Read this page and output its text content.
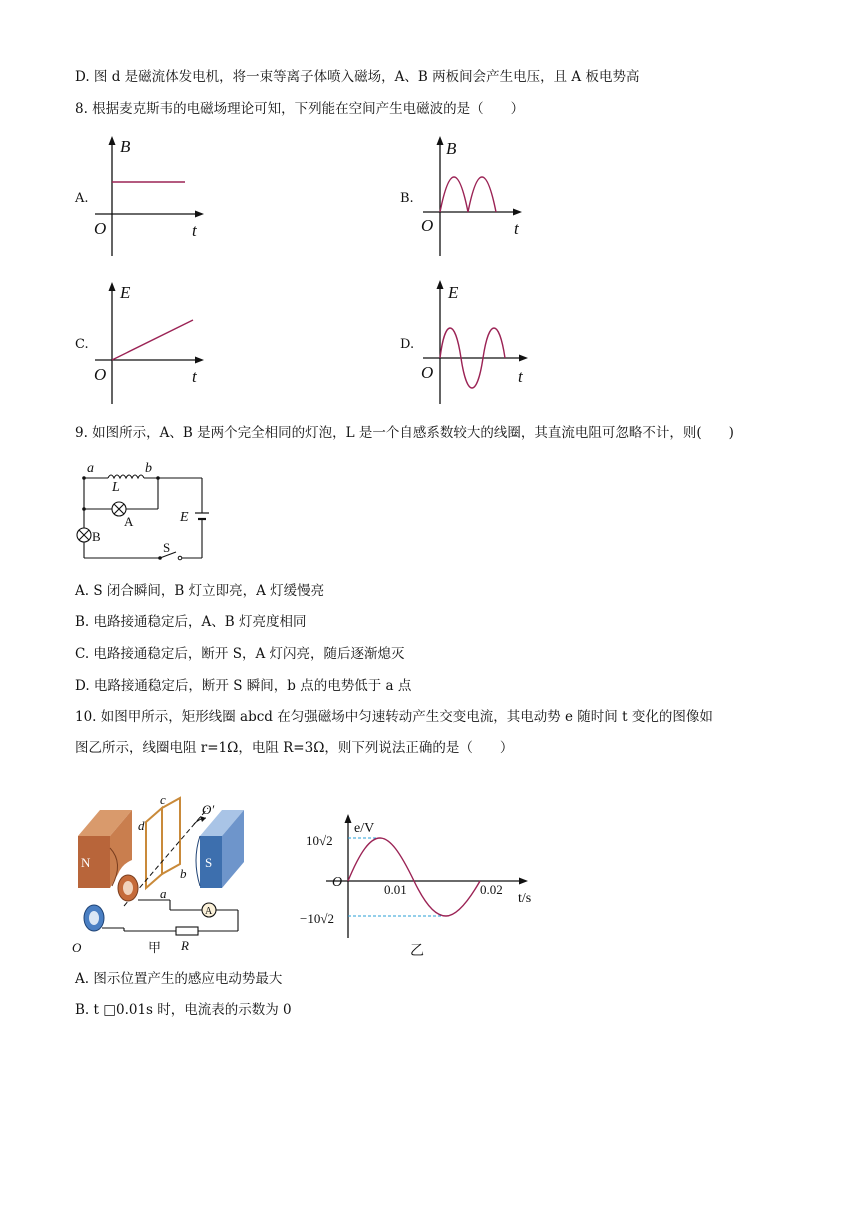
D. 图 d 是磁流体发电机，将一束等离子体喷入磁场，A、B 两板间会产生电压，且 A 板电势高
8. 根据麦克斯韦的电磁场理论可知，下列能在空间产生电磁波的是（　　）
A.
B
O	t
B.
B
O	t
C.
E
O	t
D.
E
O	t
9. 如图所示，A、B 是两个完全相同的灯泡，L 是一个自感系数较大的线圈，其直流电阻可忽略不计，则(　　)
a	b
L
A
B
E
S
A. S 闭合瞬间，B 灯立即亮，A 灯缓慢亮
B. 电路接通稳定后，A、B 灯亮度相同
C. 电路接通稳定后，断开 S，A 灯闪亮，随后逐渐熄灭
D. 电路接通稳定后，断开 S 瞬间，b 点的电势低于 a 点
10. 如图甲所示，矩形线圈 abcd 在匀强磁场中匀速转动产生交变电流，其电动势 e 随时间 t 变化的图像如
图乙所示，线圈电阻 r=1Ω，电阻 R=3Ω，则下列说法正确的是（　　）
N	S
A
R
c
d
b
a
O′
O	甲
e/V
10√2
O	0.01	0.02
t/s
−10√2
乙
A. 图示位置产生的感应电动势最大
B. t □0.01s 时，电流表的示数为 0
